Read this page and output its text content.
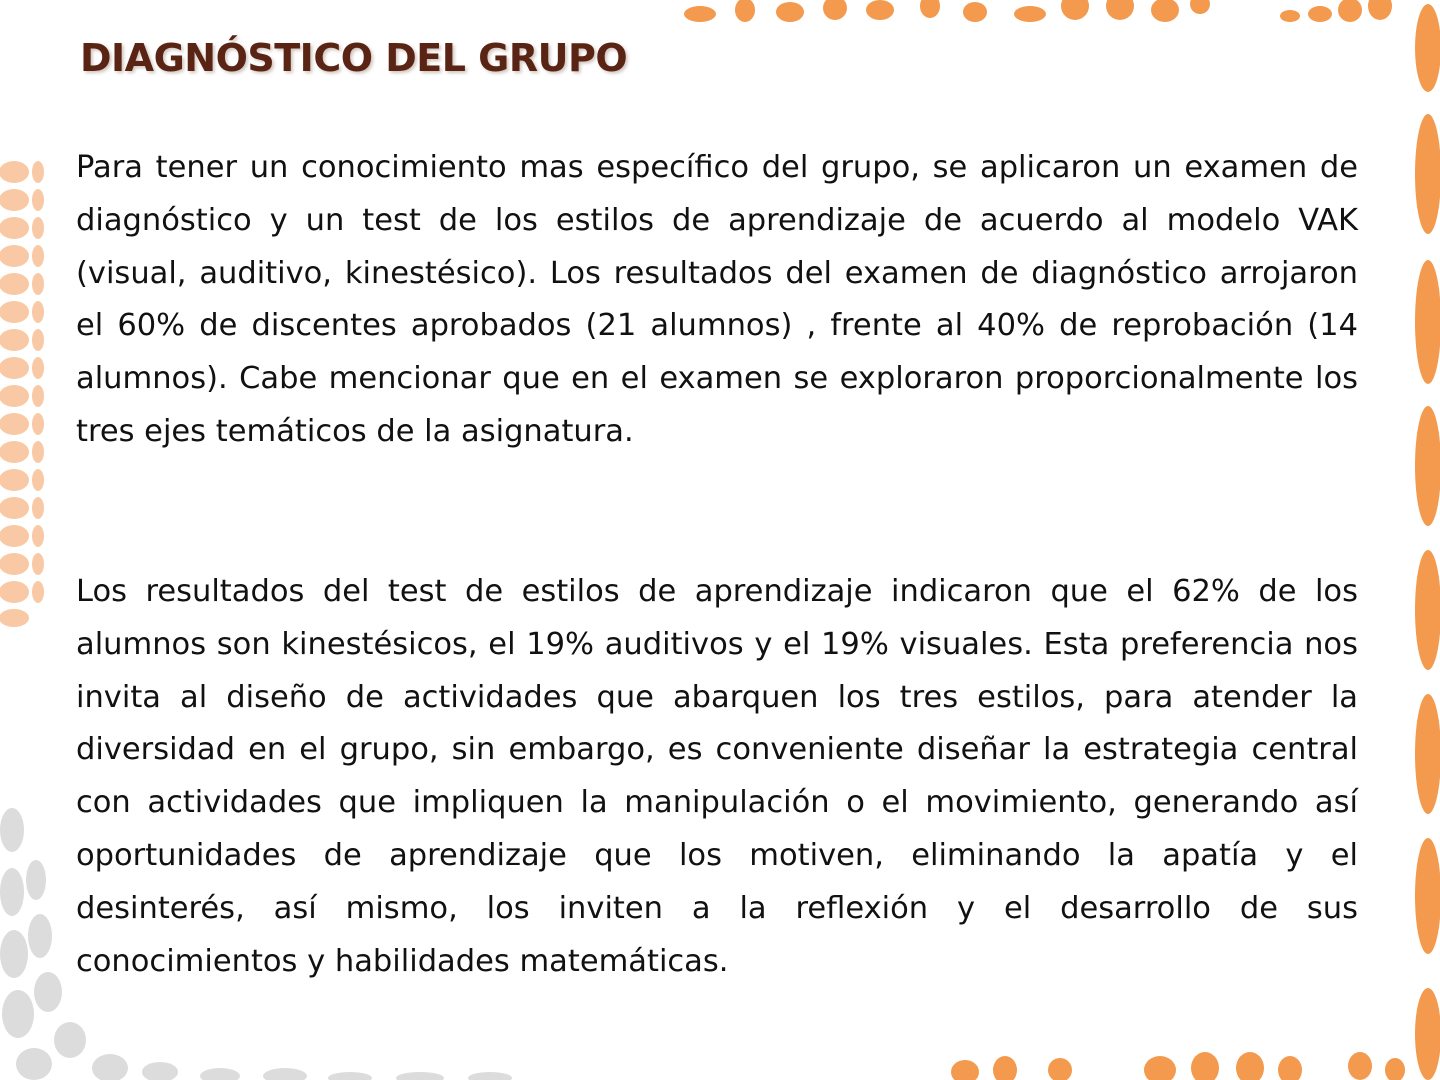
DIAGNÓSTICO DEL GRUPO

Para tener un conocimiento mas específico del grupo, se aplicaron un examen de diagnóstico y un test de los estilos de aprendizaje de acuerdo al modelo VAK (visual, auditivo, kinestésico). Los resultados del examen de diagnóstico arrojaron el 60% de discentes aprobados (21 alumnos) , frente al 40% de reprobación (14 alumnos). Cabe mencionar que en el examen se exploraron proporcionalmente los tres ejes temáticos de la asignatura.

Los resultados del test de estilos de aprendizaje indicaron que el 62% de los alumnos son kinestésicos, el 19% auditivos y el 19% visuales. Esta preferencia nos invita al diseño de actividades que abarquen los tres estilos, para atender la diversidad en el grupo, sin embargo, es conveniente diseñar la estrategia central con actividades que impliquen la manipulación o el movimiento, generando así oportunidades de aprendizaje que los motiven, eliminando la apatía y el desinterés, así mismo, los inviten a la reflexión y el desarrollo de sus conocimientos y habilidades matemáticas.
